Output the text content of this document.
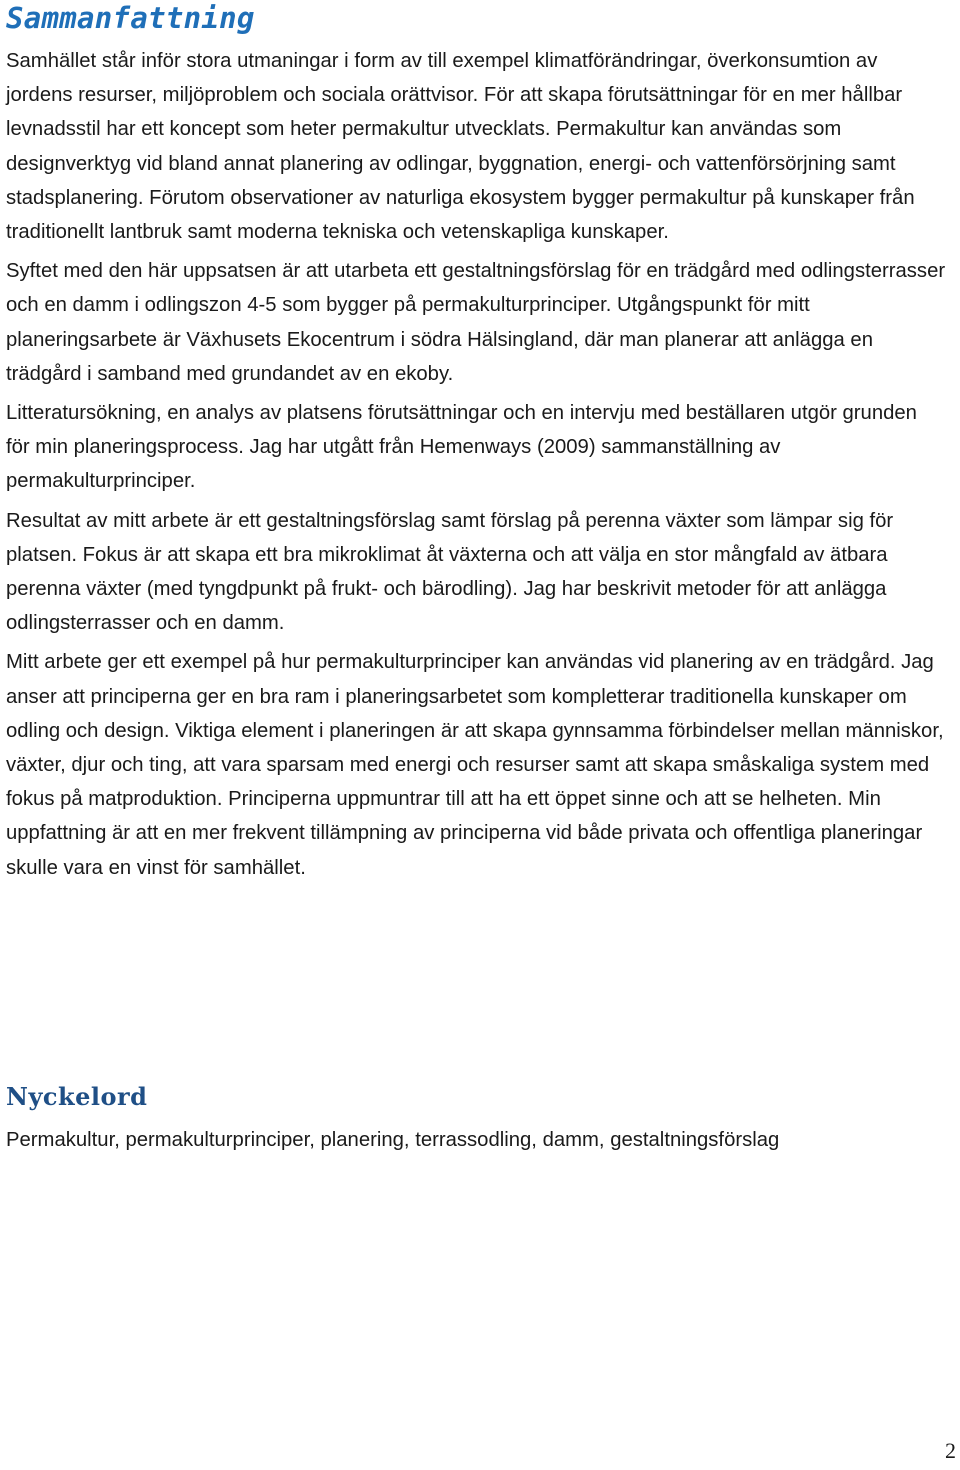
Sammanfattning

Samhället står inför stora utmaningar i form av till exempel klimatförändringar, överkonsumtion av jordens resurser, miljöproblem och sociala orättvisor. För att skapa förutsättningar för en mer hållbar levnadsstil har ett koncept som heter permakultur utvecklats. Permakultur kan användas som designverktyg vid bland annat planering av odlingar, byggnation, energi- och vattenförsörjning samt stadsplanering. Förutom observationer av naturliga ekosystem bygger permakultur på kunskaper från traditionellt lantbruk samt moderna tekniska och vetenskapliga kunskaper.

Syftet med den här uppsatsen är att utarbeta ett gestaltningsförslag för en trädgård med odlingsterrasser och en damm i odlingszon 4-5 som bygger på permakulturprinciper. Utgångspunkt för mitt planeringsarbete är Växhusets Ekocentrum i södra Hälsingland, där man planerar att anlägga en trädgård i samband med grundandet av en ekoby.

Litteratursökning, en analys av platsens förutsättningar och en intervju med beställaren utgör grunden för min planeringsprocess. Jag har utgått från Hemenways (2009) sammanställning av permakulturprinciper.

Resultat av mitt arbete är ett gestaltningsförslag samt förslag på perenna växter som lämpar sig för platsen. Fokus är att skapa ett bra mikroklimat åt växterna och att välja en stor mångfald av ätbara perenna växter (med tyngdpunkt på frukt- och bärodling). Jag har beskrivit metoder för att anlägga odlingsterrasser och en damm.

Mitt arbete ger ett exempel på hur permakulturprinciper kan användas vid planering av en trädgård. Jag anser att principerna ger en bra ram i planeringsarbetet som kompletterar traditionella kunskaper om odling och design. Viktiga element i planeringen är att skapa gynnsamma förbindelser mellan människor, växter, djur och ting, att vara sparsam med energi och resurser samt att skapa småskaliga system med fokus på matproduktion. Principerna uppmuntrar till att ha ett öppet sinne och att se helheten. Min uppfattning är att en mer frekvent tillämpning av principerna vid både privata och offentliga planeringar skulle vara en vinst för samhället.

Nyckelord

Permakultur, permakulturprinciper, planering, terrassodling, damm, gestaltningsförslag

2
